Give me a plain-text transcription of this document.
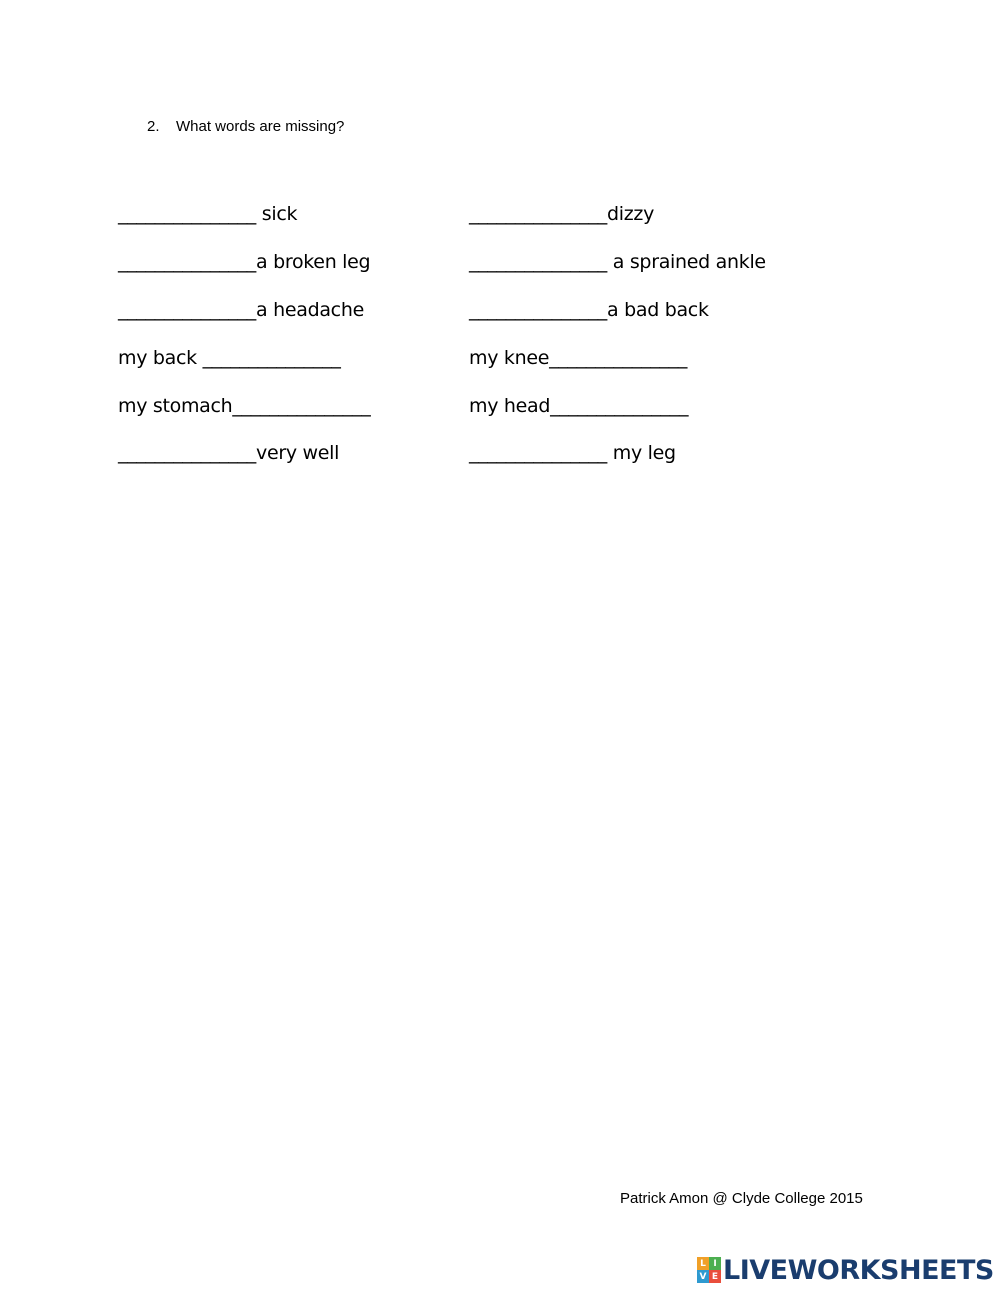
2. What words are missing?
_______________ sick	_______________dizzy
_______________a broken leg	_______________ a sprained ankle
_______________a headache	_______________a bad back
my back _______________	my knee_______________
my stomach_______________	my head_______________
_______________very well	_______________ my leg
Patrick Amon @ Clyde College 2015
L I
V E LIVEWORKSHEETS
